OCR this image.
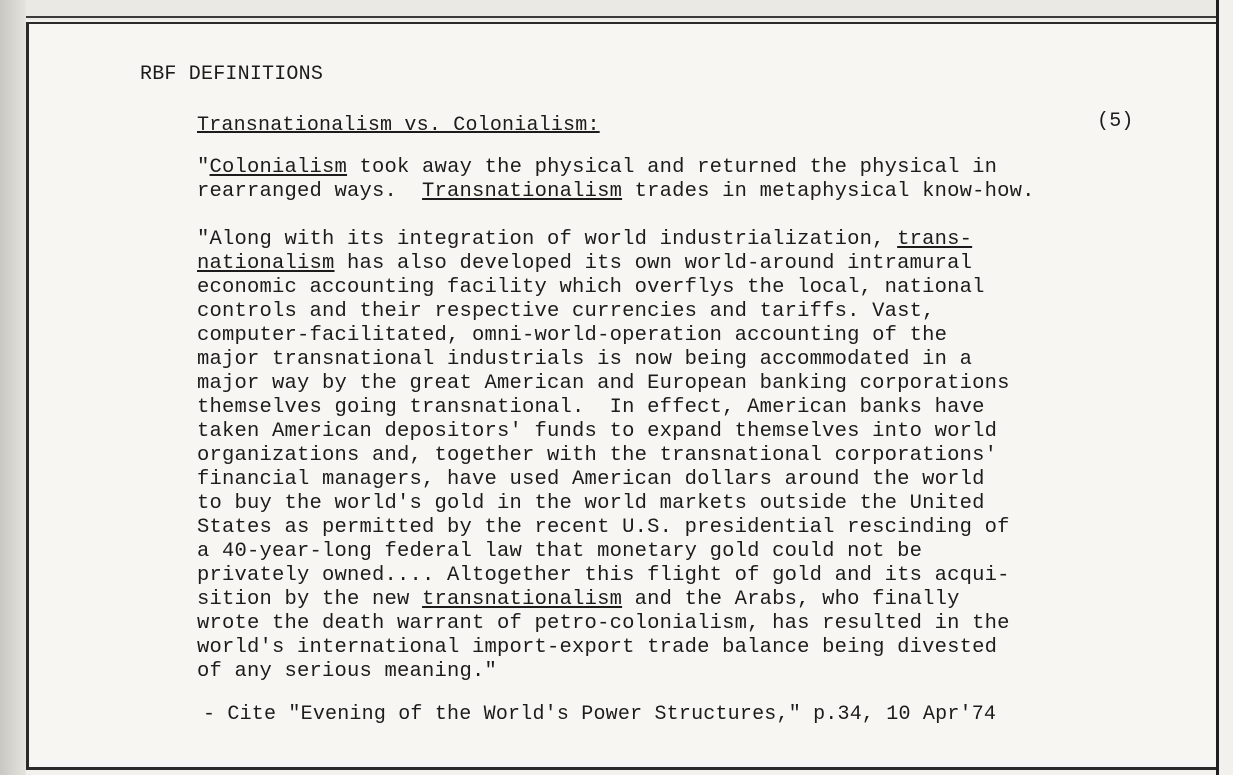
RBF DEFINITIONS
Transnationalism vs. Colonialism:	(5)

"Colonialism took away the physical and returned the physical in
rearranged ways.  Transnationalism trades in metaphysical know-how.

"Along with its integration of world industrialization, trans-
nationalism has also developed its own world-around intramural
economic accounting facility which overflys the local, national
controls and their respective currencies and tariffs. Vast,
computer-facilitated, omni-world-operation accounting of the
major transnational industrials is now being accommodated in a
major way by the great American and European banking corporations
themselves going transnational.  In effect, American banks have
taken American depositors' funds to expand themselves into world
organizations and, together with the transnational corporations'
financial managers, have used American dollars around the world
to buy the world's gold in the world markets outside the United
States as permitted by the recent U.S. presidential rescinding of
a 40-year-long federal law that monetary gold could not be
privately owned.... Altogether this flight of gold and its acqui-
sition by the new transnationalism and the Arabs, who finally
wrote the death warrant of petro-colonialism, has resulted in the
world's international import-export trade balance being divested
of any serious meaning."

- Cite "Evening of the World's Power Structures," p.34, 10 Apr'74
